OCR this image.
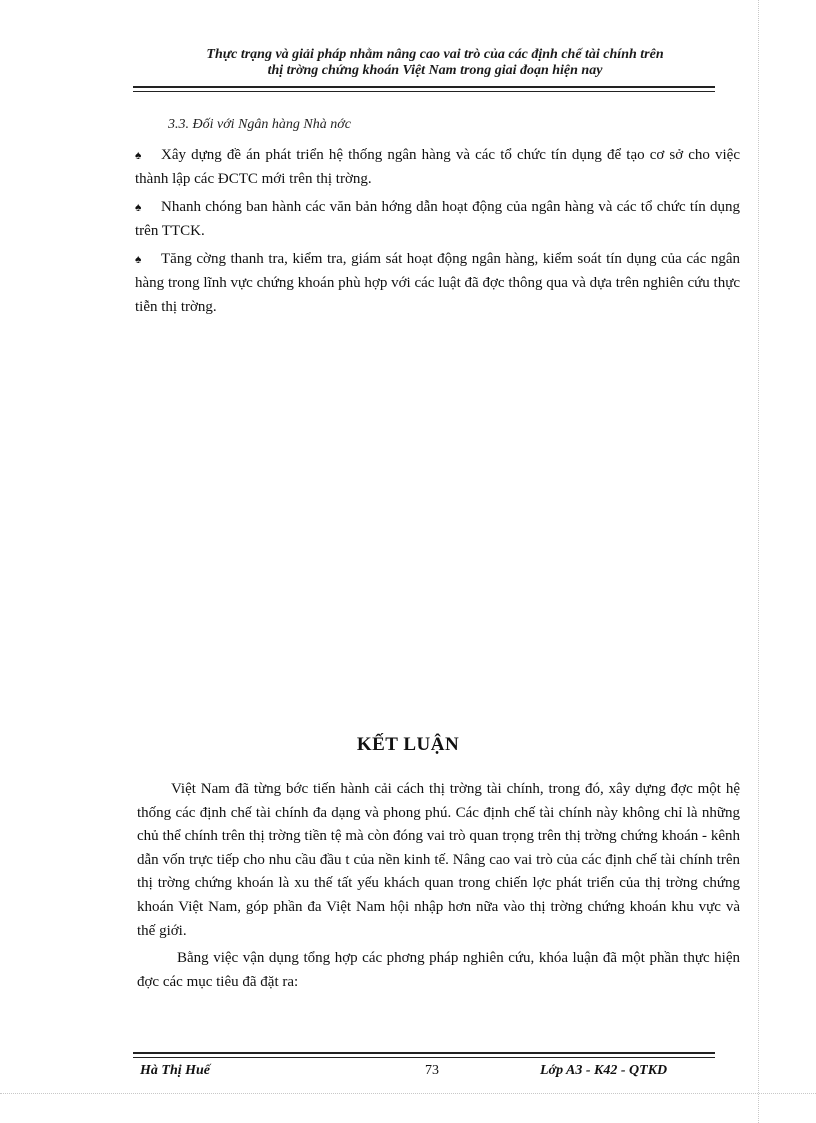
Thực trạng và giải pháp nhằm nâng cao vai trò của các định chế tài chính trên
thị trờng chứng khoán Việt Nam trong giai đoạn hiện nay
3.3. Đối với Ngân hàng Nhà nớc

♠ Xây dựng đề án phát triển hệ thống ngân hàng và các tổ chức tín dụng để tạo cơ sở cho việc thành lập các ĐCTC mới trên thị trờng.

♠ Nhanh chóng ban hành các văn bản hớng dẫn hoạt động của ngân hàng và các tổ chức tín dụng trên TTCK.

♠ Tăng cờng thanh tra, kiểm tra, giám sát hoạt động ngân hàng, kiểm soát tín dụng của các ngân hàng trong lĩnh vực chứng khoán phù hợp với các luật đã đợc thông qua và dựa trên nghiên cứu thực tiễn thị trờng.

KẾT LUẬN

Việt Nam đã từng bớc tiến hành cải cách thị trờng tài chính, trong đó, xây dựng đợc một hệ thống các định chế tài chính đa dạng và phong phú. Các định chế tài chính này không chỉ là những chủ thể chính trên thị trờng tiền tệ mà còn đóng vai trò quan trọng trên thị trờng chứng khoán - kênh dẫn vốn trực tiếp cho nhu cầu đầu t của nền kinh tế. Nâng cao vai trò của các định chế tài chính trên thị trờng chứng khoán là xu thế tất yếu khách quan trong chiến lợc phát triển của thị trờng chứng khoán Việt Nam, góp phần đa Việt Nam hội nhập hơn nữa vào thị trờng chứng khoán khu vực và thế giới.

Bằng việc vận dụng tổng hợp các phơng pháp nghiên cứu, khóa luận đã một phần thực hiện đợc các mục tiêu đã đặt ra:

Hà Thị Huế	73	Lớp A3 - K42 - QTKD
